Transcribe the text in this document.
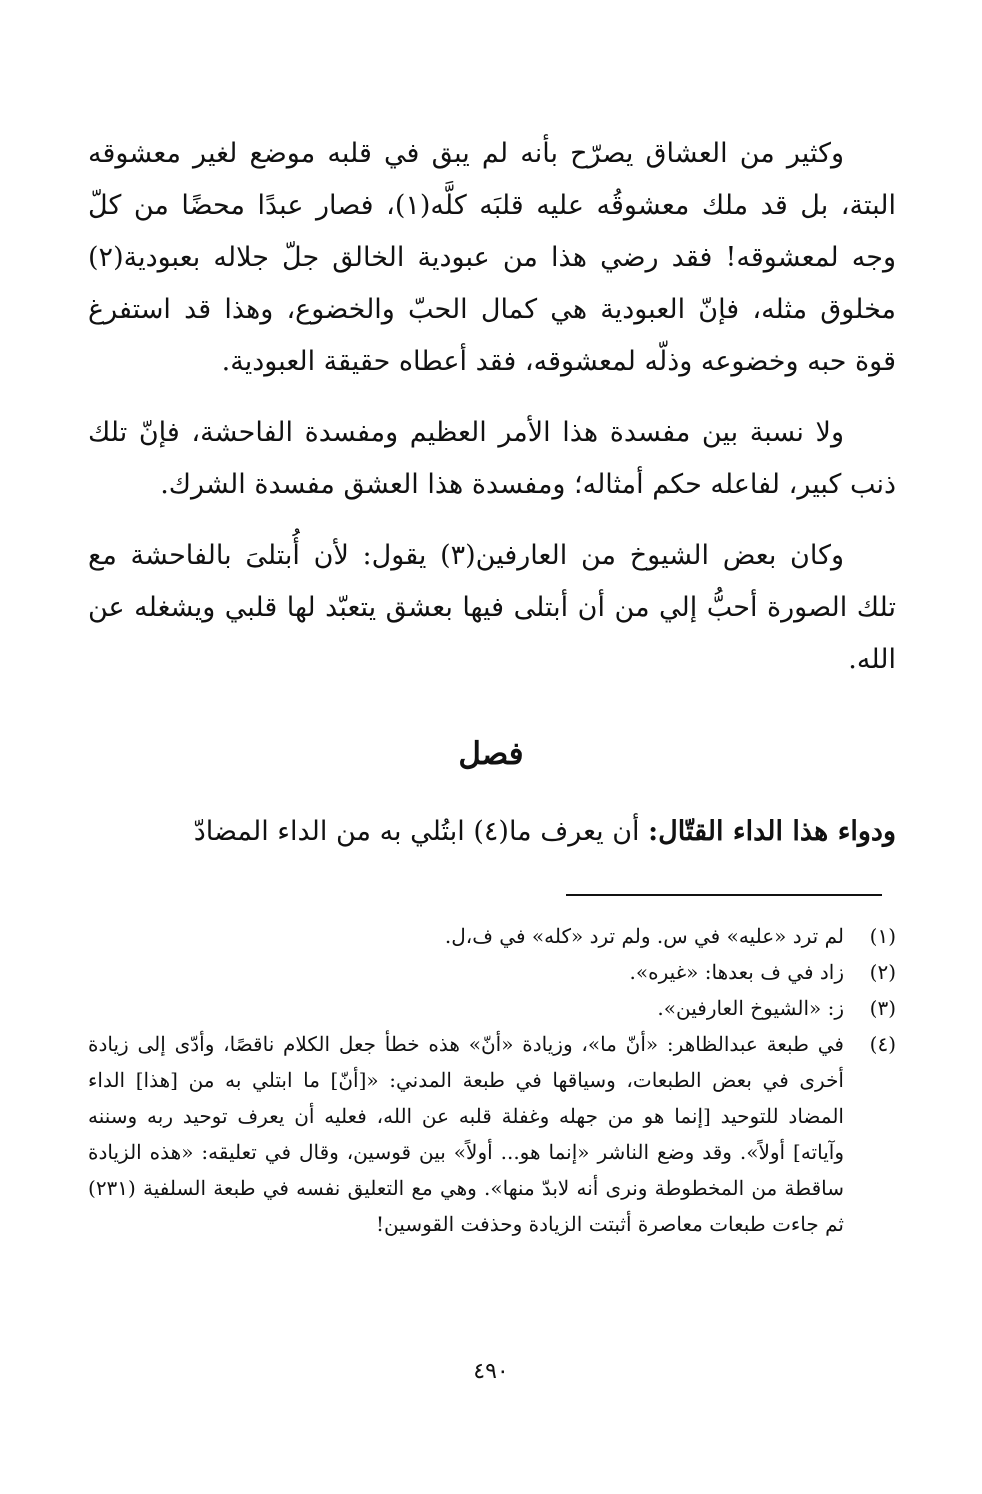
وكثير من العشاق يصرّح بأنه لم يبق في قلبه موضع لغير معشوقه البتة، بل قد ملك معشوقُه عليه قلبَه كلَّه(١)، فصار عبدًا محضًا من كلّ وجه لمعشوقه! فقد رضي هذا من عبودية الخالق جلّ جلاله بعبودية(٢) مخلوق مثله، فإنّ العبودية هي كمال الحبّ والخضوع، وهذا قد استفرغ قوة حبه وخضوعه وذلّه لمعشوقه، فقد أعطاه حقيقة العبودية.

ولا نسبة بين مفسدة هذا الأمر العظيم ومفسدة الفاحشة، فإنّ تلك ذنب كبير، لفاعله حكم أمثاله؛ ومفسدة هذا العشق مفسدة الشرك.

وكان بعض الشيوخ من العارفين(٣) يقول: لأن أُبتلىَ بالفاحشة مع تلك الصورة أحبُّ إلي من أن أبتلى فيها بعشق يتعبّد لها قلبي ويشغله عن الله.

فصل
ودواء هذا الداء القتّال: أن يعرف ما(٤) ابتُلي به من الداء المضادّ
(١)
لم ترد «عليه» في س. ولم ترد «كله» في ف،ل.
(٢)
زاد في ف بعدها: «غيره».
(٣)
ز: «الشيوخ العارفين».
(٤)
في طبعة عبدالظاهر: «أنّ ما»، وزيادة «أنّ» هذه خطأ جعل الكلام ناقصًا، وأدّى إلى زيادة أخرى في بعض الطبعات، وسياقها في طبعة المدني: «[أنّ] ما ابتلي به من [هذا] الداء المضاد للتوحيد [إنما هو من جهله وغفلة قلبه عن الله، فعليه أن يعرف توحيد ربه وسننه وآياته] أولاً». وقد وضع الناشر «إنما هو... أولاً» بين قوسين، وقال في تعليقه: «هذه الزيادة ساقطة من المخطوطة ونرى أنه لابدّ منها». وهي مع التعليق نفسه في طبعة السلفية (٢٣١) ثم جاءت طبعات معاصرة أثبتت الزيادة وحذفت القوسين!
٤٩٠
